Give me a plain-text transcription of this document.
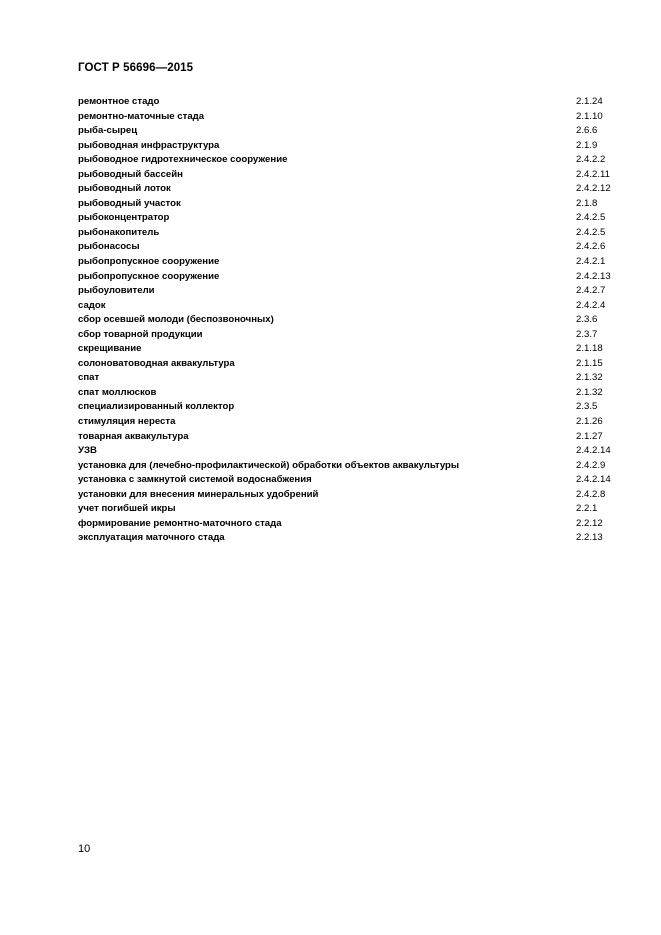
ГОСТ Р 56696—2015
ремонтное стадо	2.1.24
ремонтно-маточные стада	2.1.10
рыба-сырец	2.6.6
рыбоводная инфраструктура	2.1.9
рыбоводное гидротехническое сооружение	2.4.2.2
рыбоводный бассейн	2.4.2.11
рыбоводный лоток	2.4.2.12
рыбоводный участок	2.1.8
рыбоконцентратор	2.4.2.5
рыбонакопитель	2.4.2.5
рыбонасосы	2.4.2.6
рыбопропускное сооружение	2.4.2.1
рыбопропускное сооружение	2.4.2.13
рыбоуловители	2.4.2.7
садок	2.4.2.4
сбор осевшей молоди (беспозвоночных)	2.3.6
сбор товарной продукции	2.3.7
скрещивание	2.1.18
солоноватоводная аквакультура	2.1.15
спат	2.1.32
спат моллюсков	2.1.32
специализированный коллектор	2.3.5
стимуляция нереста	2.1.26
товарная аквакультура	2.1.27
УЗВ	2.4.2.14
установка для (лечебно-профилактической) обработки объектов аквакультуры	2.4.2.9
установка с замкнутой системой водоснабжения	2.4.2.14
установки для внесения минеральных удобрений	2.4.2.8
учет погибшей икры	2.2.1
формирование ремонтно-маточного стада	2.2.12
эксплуатация маточного стада	2.2.13
10
